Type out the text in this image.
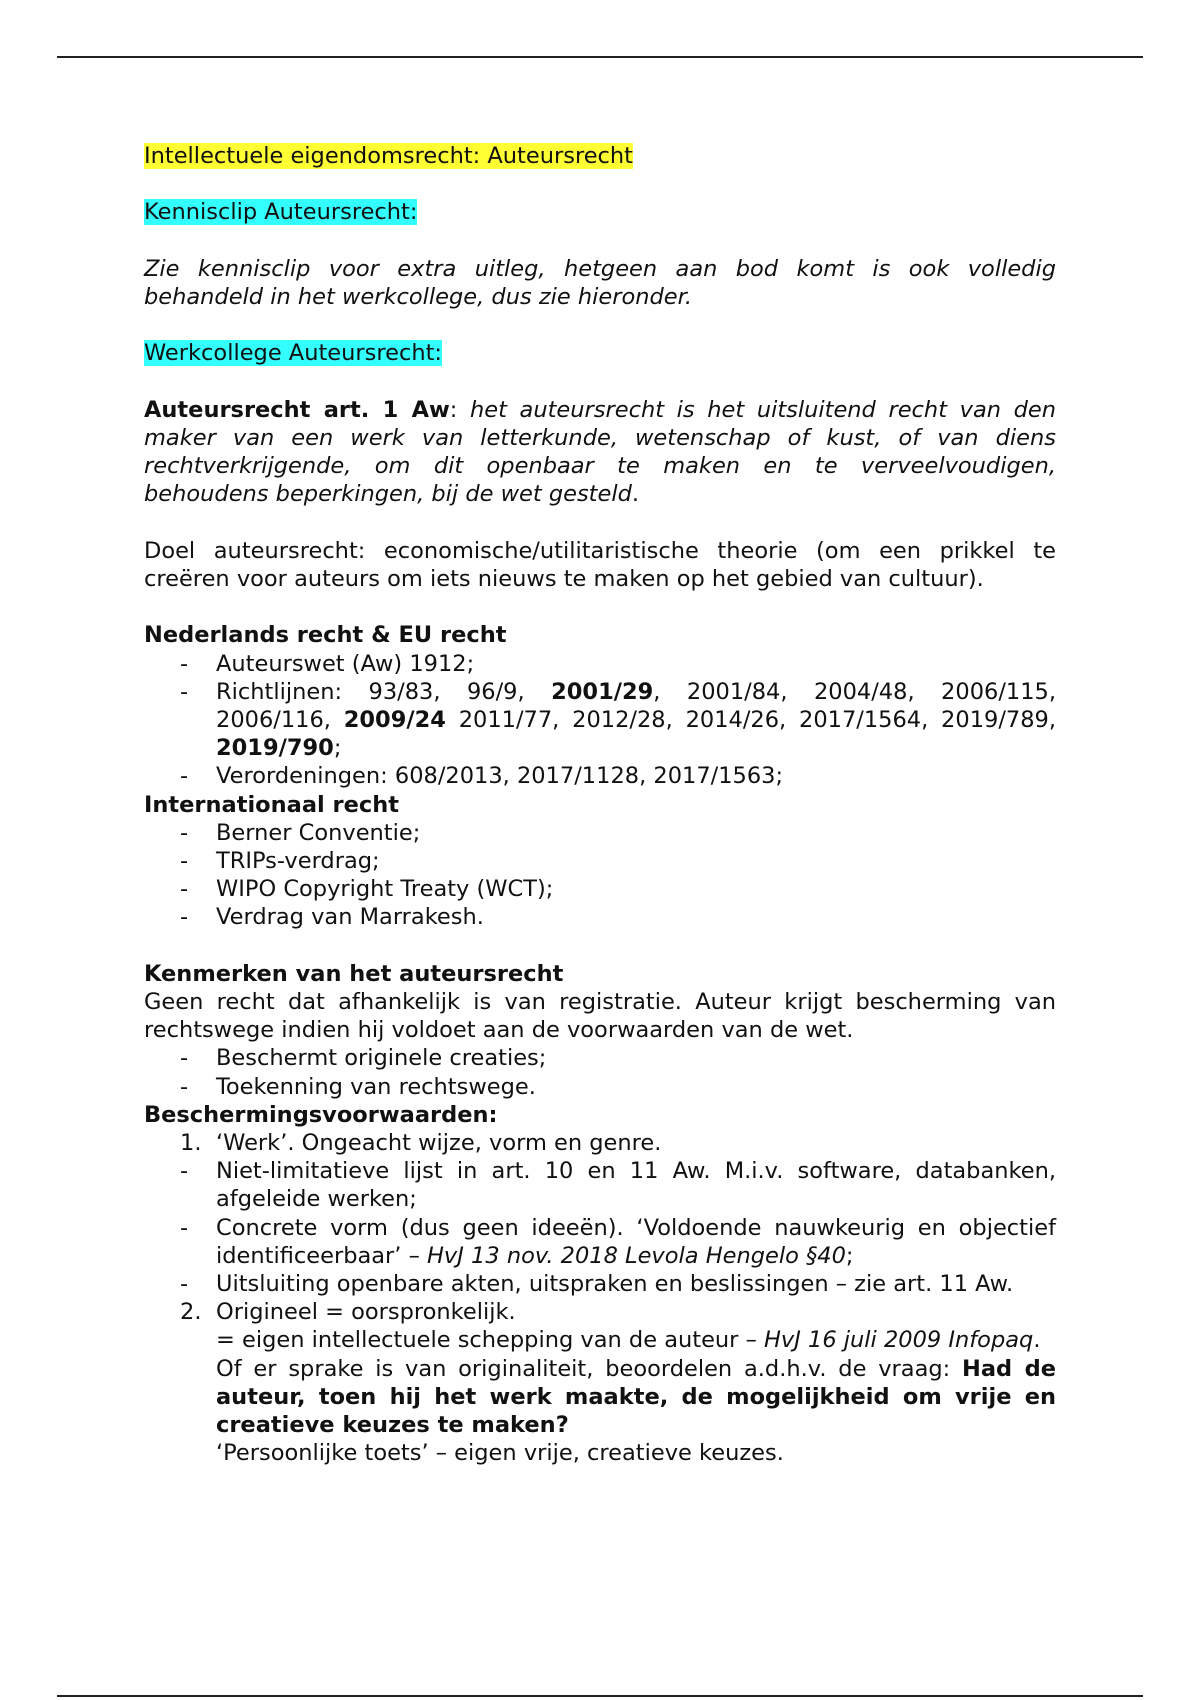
Intellectuele eigendomsrecht: Auteursrecht

Kennisclip Auteursrecht:

Zie kennisclip voor extra uitleg, hetgeen aan bod komt is ook volledig behandeld in het werkcollege, dus zie hieronder.

Werkcollege Auteursrecht:

Auteursrecht art. 1 Aw: het auteursrecht is het uitsluitend recht van den maker van een werk van letterkunde, wetenschap of kust, of van diens rechtverkrijgende, om dit openbaar te maken en te verveelvoudigen, behoudens beperkingen, bij de wet gesteld.

Doel auteursrecht: economische/utilitaristische theorie (om een prikkel te creëren voor auteurs om iets nieuws te maken op het gebied van cultuur).

Nederlands recht & EU recht

- Auteurswet (Aw) 1912;
- Richtlijnen: 93/83, 96/9, 2001/29, 2001/84, 2004/48, 2006/115, 2006/116, 2009/24 2011/77, 2012/28, 2014/26, 2017/1564, 2019/789, 2019/790;
- Verordeningen: 608/2013, 2017/1128, 2017/1563;

Internationaal recht

- Berner Conventie;
- TRIPs-verdrag;
- WIPO Copyright Treaty (WCT);
- Verdrag van Marrakesh.

Kenmerken van het auteursrecht

Geen recht dat afhankelijk is van registratie. Auteur krijgt bescherming van rechtswege indien hij voldoet aan de voorwaarden van de wet.

- Beschermt originele creaties;
- Toekenning van rechtswege.

Beschermingsvoorwaarden:

1. ‘Werk’. Ongeacht wijze, vorm en genre.
- Niet-limitatieve lijst in art. 10 en 11 Aw. M.i.v. software, databanken, afgeleide werken;
- Concrete vorm (dus geen ideeën). ‘Voldoende nauwkeurig en objectief identificeerbaar’ – HvJ 13 nov. 2018 Levola Hengelo §40;
- Uitsluiting openbare akten, uitspraken en beslissingen – zie art. 11 Aw.
2. Origineel = oorspronkelijk.

= eigen intellectuele schepping van de auteur – HvJ 16 juli 2009 Infopaq.

Of er sprake is van originaliteit, beoordelen a.d.h.v. de vraag: Had de auteur, toen hij het werk maakte, de mogelijkheid om vrije en creatieve keuzes te maken?

‘Persoonlijke toets’ – eigen vrije, creatieve keuzes.
